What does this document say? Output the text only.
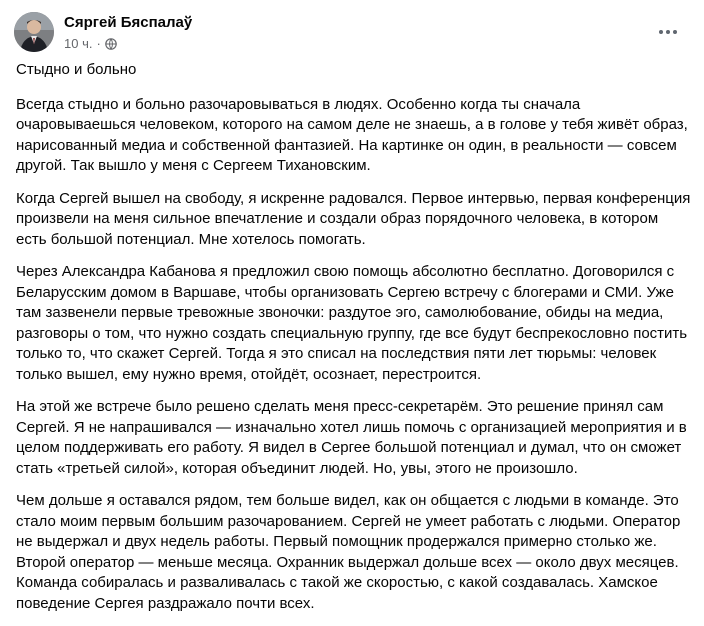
Сяргей Бяспалаў
10 ч. ·

Стыдно и больно

Всегда стыдно и больно разочаровываться в людях. Особенно когда ты сначала очаровываешься человеком, которого на самом деле не знаешь, а в голове у тебя живёт образ, нарисованный медиа и собственной фантазией. На картинке он один, в реальности — совсем другой. Так вышло у меня с Сергеем Тихановским.

Когда Сергей вышел на свободу, я искренне радовался. Первое интервью, первая конференция произвели на меня сильное впечатление и создали образ порядочного человека, в котором есть большой потенциал. Мне хотелось помогать.

Через Александра Кабанова я предложил свою помощь абсолютно бесплатно. Договорился с Беларусским домом в Варшаве, чтобы организовать Сергею встречу с блогерами и СМИ. Уже там зазвенели первые тревожные звоночки: раздутое эго, самолюбование, обиды на медиа, разговоры о том, что нужно создать специальную группу, где все будут беспрекословно постить только то, что скажет Сергей. Тогда я это списал на последствия пяти лет тюрьмы: человек только вышел, ему нужно время, отойдёт, осознает, перестроится.

На этой же встрече было решено сделать меня пресс-секретарём. Это решение принял сам Сергей. Я не напрашивался — изначально хотел лишь помочь с организацией мероприятия и в целом поддерживать его работу. Я видел в Сергее большой потенциал и думал, что он сможет стать «третьей силой», которая объединит людей. Но, увы, этого не произошло.

Чем дольше я оставался рядом, тем больше видел, как он общается с людьми в команде. Это стало моим первым большим разочарованием. Сергей не умеет работать с людьми. Оператор не выдержал и двух недель работы. Первый помощник продержался примерно столько же. Второй оператор — меньше месяца. Охранник выдержал дольше всех — около двух месяцев. Команда собиралась и разваливалась с такой же скоростью, с какой создавалась. Хамское поведение Сергея раздражало почти всех.
